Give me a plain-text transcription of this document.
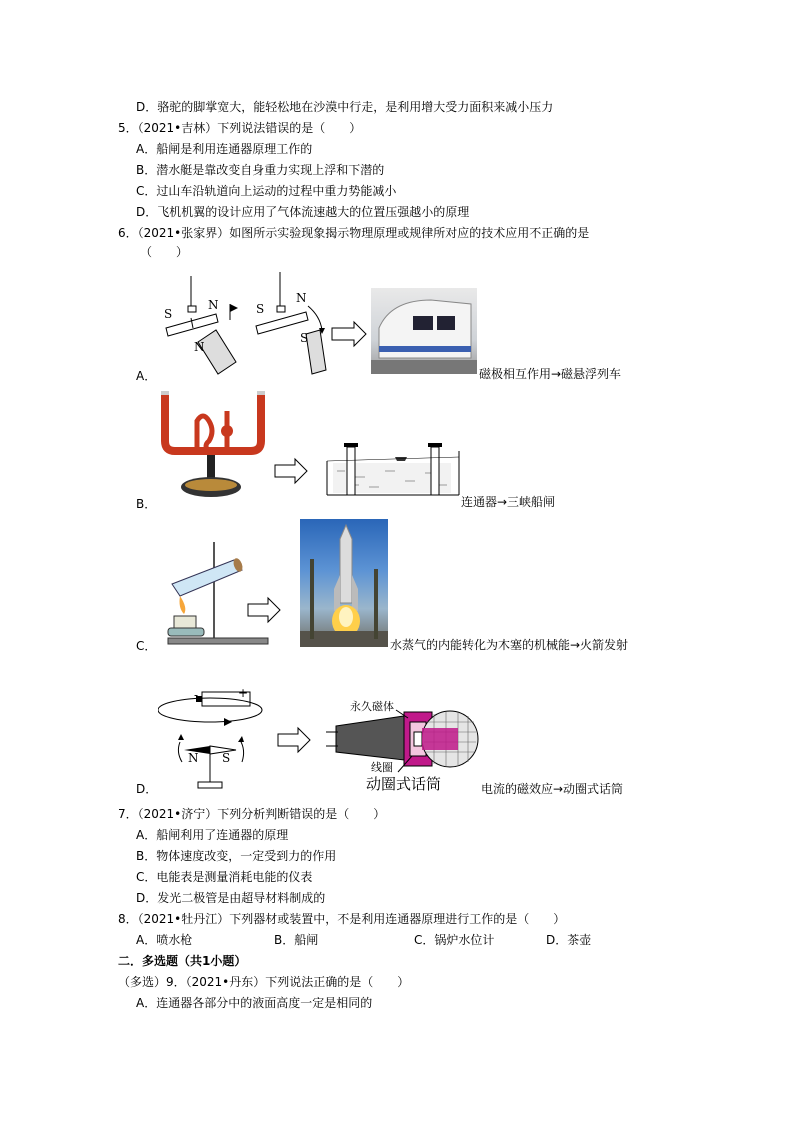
D．骆驼的脚掌宽大，能轻松地在沙漠中行走，是利用增大受力面积来减小压力
5．（2021•吉林）下列说法错误的是（　　）
A．船闸是利用连通器原理工作的
B．潜水艇是靠改变自身重力实现上浮和下潜的
C．过山车沿轨道向上运动的过程中重力势能减小
D．飞机机翼的设计应用了气体流速越大的位置压强越小的原理
6．（2021•张家界）如图所示实验现象揭示物理原理或规律所对应的技术应用不正确的是
（　　）
A．
S
N
N
S
N
S
磁极相互作用→磁悬浮列车
B．	连通器→三峡船闸
C．	水蒸气的内能转化为木塞的机械能→火箭发射
D．
-	+
N S
永久磁体
线圈
动圈式话筒	电流的磁效应→动圈式话筒
7．（2021•济宁）下列分析判断错误的是（　　）
A．船闸利用了连通器的原理
B．物体速度改变，一定受到力的作用
C．电能表是测量消耗电能的仪表
D．发光二极管是由超导材料制成的
8．（2021•牡丹江）下列器材或装置中，不是利用连通器原理进行工作的是（　　）
A．喷水枪	B．船闸	C．锅炉水位计	D．茶壶
二．多选题（共1小题）
（多选）9．（2021•丹东）下列说法正确的是（　　）
A．连通器各部分中的液面高度一定是相同的
